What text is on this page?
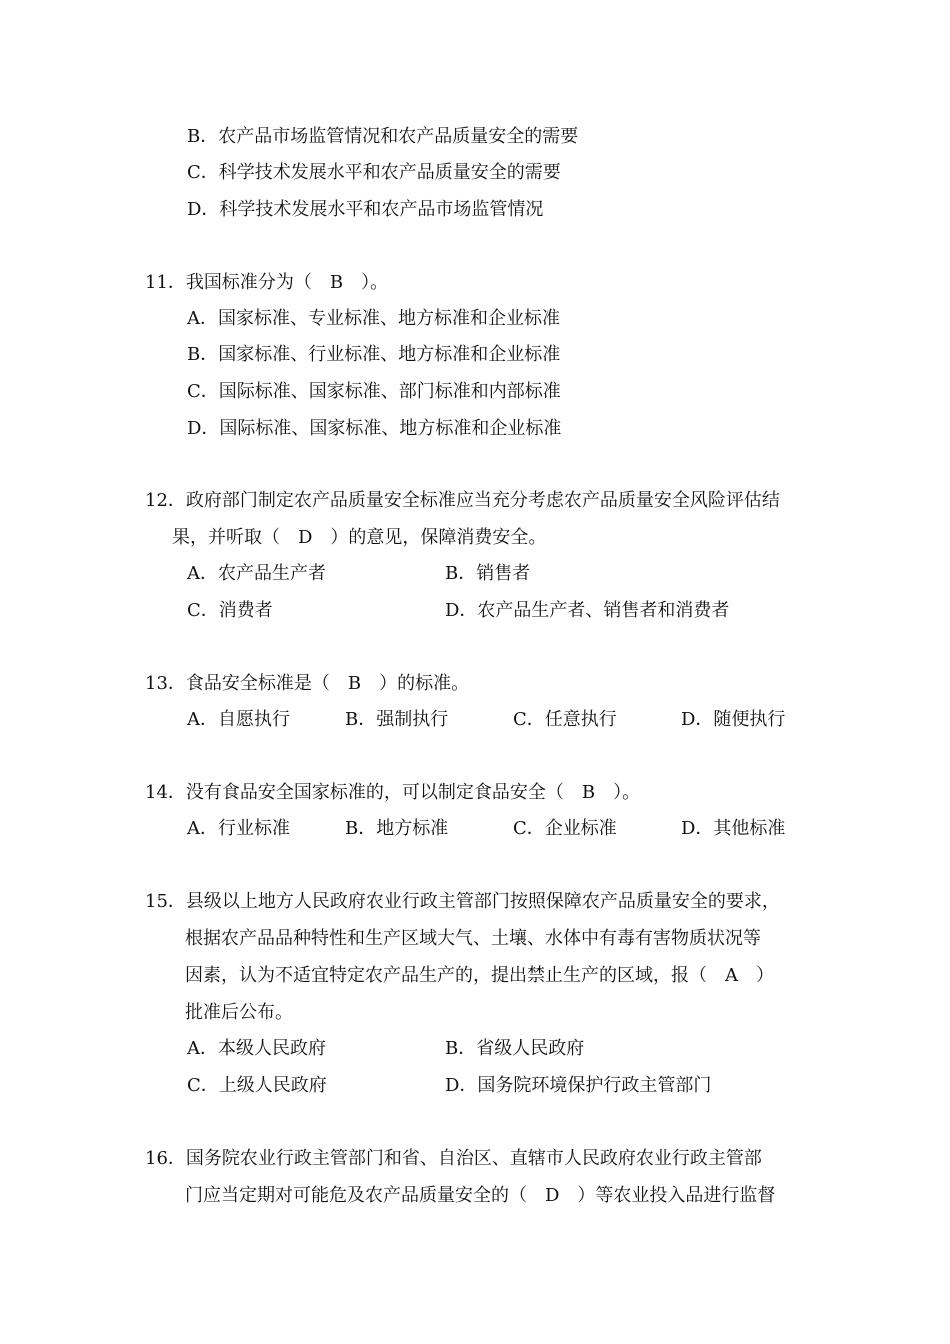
B．农产品市场监管情况和农产品质量安全的需要
C．科学技术发展水平和农产品质量安全的需要
D．科学技术发展水平和农产品市场监管情况
11．我国标准分为（　B　）。
A．国家标准、专业标准、地方标准和企业标准
B．国家标准、行业标准、地方标准和企业标准
C．国际标准、国家标准、部门标准和内部标准
D．国际标准、国家标准、地方标准和企业标准
12．政府部门制定农产品质量安全标准应当充分考虑农产品质量安全风险评估结
果，并听取（　D　）的意见，保障消费安全。
A．农产品生产者	B．销售者
C．消费者	D．农产品生产者、销售者和消费者
13．食品安全标准是（　B　）的标准。
A．自愿执行	B．强制执行	C．任意执行	D．随便执行
14．没有食品安全国家标准的，可以制定食品安全（　B　）。
A．行业标准	B．地方标准	C．企业标准	D．其他标准
15．县级以上地方人民政府农业行政主管部门按照保障农产品质量安全的要求，
根据农产品品种特性和生产区域大气、土壤、水体中有毒有害物质状况等
因素，认为不适宜特定农产品生产的，提出禁止生产的区域，报（　A　）
批准后公布。
A．本级人民政府	B．省级人民政府
C．上级人民政府	D．国务院环境保护行政主管部门
16．国务院农业行政主管部门和省、自治区、直辖市人民政府农业行政主管部
门应当定期对可能危及农产品质量安全的（　D　）等农业投入品进行监督
